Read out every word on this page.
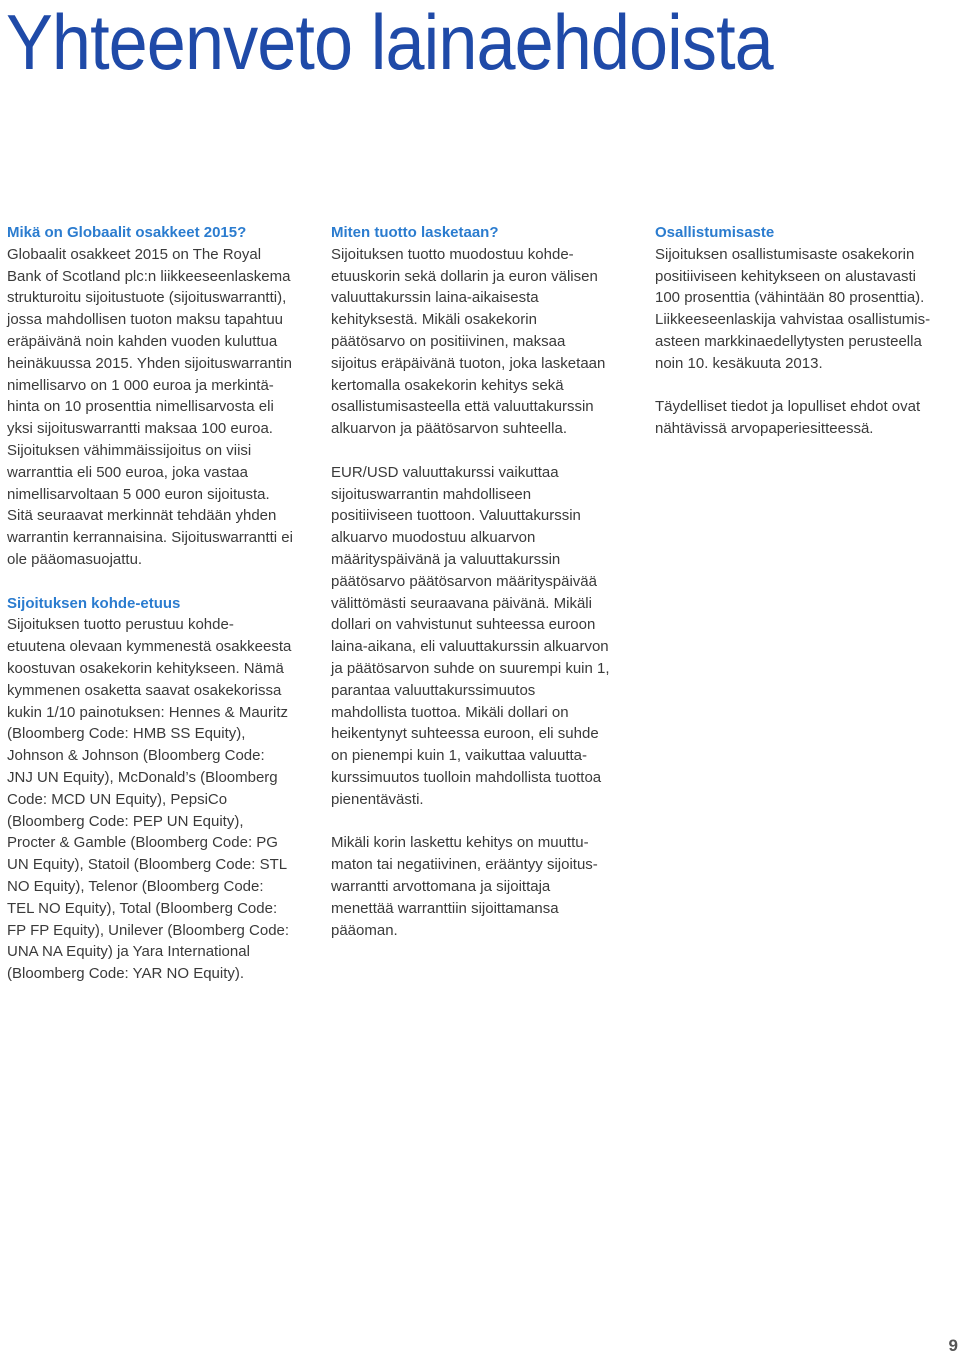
Yhteenveto lainaehdoista
Mikä on Globaalit osakkeet 2015?
Globaalit osakkeet 2015 on The Royal
Bank of Scotland plc:n liikkeeseenlaskema
strukturoitu sijoitustuote (sijoituswarrantti),
jossa mahdollisen tuoton maksu tapahtuu
eräpäivänä noin kahden vuoden kuluttua
heinäkuussa 2015. Yhden sijoituswarrantin
nimellisarvo on 1 000 euroa ja merkintä-
hinta on 10 prosenttia nimellisarvosta eli
yksi sijoituswarrantti maksaa 100 euroa.
Sijoituksen vähimmäissijoitus on viisi
warranttia eli 500 euroa, joka vastaa
nimellisarvoltaan 5 000 euron sijoitusta.
Sitä seuraavat merkinnät tehdään yhden
warrantin kerrannaisina. Sijoituswarrantti ei
ole pääomasuojattu.
Sijoituksen kohde-etuus
Sijoituksen tuotto perustuu kohde-
etuutena olevaan kymmenestä osakkeesta
koostuvan osakekorin kehitykseen. Nämä
kymmenen osaketta saavat osakekorissa
kukin 1/10 painotuksen: Hennes & Mauritz
(Bloomberg Code: HMB SS Equity),
Johnson & Johnson (Bloomberg Code:
JNJ UN Equity), McDonald’s (Bloomberg
Code: MCD UN Equity), PepsiCo
(Bloomberg Code: PEP UN Equity),
Procter & Gamble (Bloomberg Code: PG
UN Equity), Statoil (Bloomberg Code: STL
NO Equity), Telenor (Bloomberg Code:
TEL NO Equity), Total (Bloomberg Code:
FP FP Equity), Unilever (Bloomberg Code:
UNA NA Equity) ja Yara International
(Bloomberg Code: YAR NO Equity).
Miten tuotto lasketaan?
Sijoituksen tuotto muodostuu kohde-
etuuskorin sekä dollarin ja euron välisen
valuuttakurssin laina-aikaisesta
kehityksestä. Mikäli osakekorin
päätösarvo on positiivinen, maksaa
sijoitus eräpäivänä tuoton, joka lasketaan
kertomalla osakekorin kehitys sekä
osallistumisasteella että valuuttakurssin
alkuarvon ja päätösarvon suhteella.
EUR/USD valuuttakurssi vaikuttaa
sijoituswarrantin mahdolliseen
positiiviseen tuottoon. Valuuttakurssin
alkuarvo muodostuu alkuarvon
määrityspäivänä ja valuuttakurssin
päätösarvo päätösarvon määrityspäivää
välittömästi seuraavana päivänä. Mikäli
dollari on vahvistunut suhteessa euroon
laina-aikana, eli valuuttakurssin alkuarvon
ja päätösarvon suhde on suurempi kuin 1,
parantaa valuuttakurssimuutos
mahdollista tuottoa. Mikäli dollari on
heikentynyt suhteessa euroon, eli suhde
on pienempi kuin 1, vaikuttaa valuutta-
kurssimuutos tuolloin mahdollista tuottoa
pienentävästi.
Mikäli korin laskettu kehitys on muuttu-
maton tai negatiivinen, erääntyy sijoitus-
warrantti arvottomana ja sijoittaja
menettää warranttiin sijoittamansa
pääoman.
Osallistumisaste
Sijoituksen osallistumisaste osakekorin
positiiviseen kehitykseen on alustavasti
100 prosenttia (vähintään 80 prosenttia).
Liikkeeseenlaskija vahvistaa osallistumis-
asteen markkinaedellytysten perusteella
noin 10. kesäkuuta 2013.
Täydelliset tiedot ja lopulliset ehdot ovat
nähtävissä arvopaperiesitteessä.
9
